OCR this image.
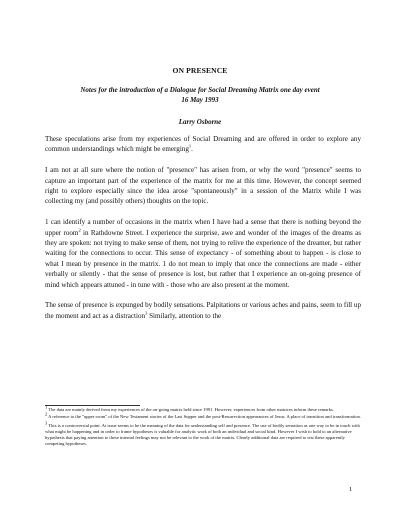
ON PRESENCE
Notes for the introduction of a Dialogue for Social Dreaming Matrix one day event
16 May 1993
Larry Osborne

These speculations arise from my experiences of Social Dreaming and are offered in order to explore any common understandings which might be emerging$^1$.

I am not at all sure where the notion of "presence" has arisen from, or why the word "presence" seems to capture an important part of the experience of the matrix for me at this time. However, the concept seemed right to explore especially since the idea arose "spontaneously" in a session of the Matrix while I was collecting my (and possibly others) thoughts on the topic.

1 can identify a number of occasions in the matrix when I have had a sense that there is nothing beyond the upper room$^2$ in Rathdowne Street. I experience the surprise, awe and wonder of the images of the dreams as they are spoken: not trying to make sense of them, not trying to relive the experience of the dreamer, but rather waiting for the connections to occur. This sense of expectancy - of something about to happen - is close to what I mean by presence in the matrix. 1 do not mean to imply that once the connections are made - either verbally or silently - that the sense of presence is lost, but rather that I experience an on-going presence of mind which appears attuned - in tune with - those who are also present at the moment.

The sense of presence is expunged by bodily sensations. Palpitations or various aches and pains, seem to fill up the moment and act as a distraction$^3$ Similarly, attention to the

$^1$ The data are mainly derived from my experiences of the on-going matrix held since 1991. However, experiences from other matrices inform these remarks.
$^2$ A reference to the "upper room" of the New Testament stories of the Last Supper and the post-Resurrection appearances of Jesus. A place of transition and transformation.
$^3$ This is a controversial point. At issue seems to be the meaning of the data for understanding self and presence. The use of bodily sensation as one way to be in touch with what might be happening and in order to frame hypotheses is valuable for analytic work of both an individual and social kind. However I wish to hold to an alternative hypothesis that paying attention to these internal feelings may not be relevant to the work of the matrix. Clearly additional data are required to test these apparently competing hypotheses.
1
